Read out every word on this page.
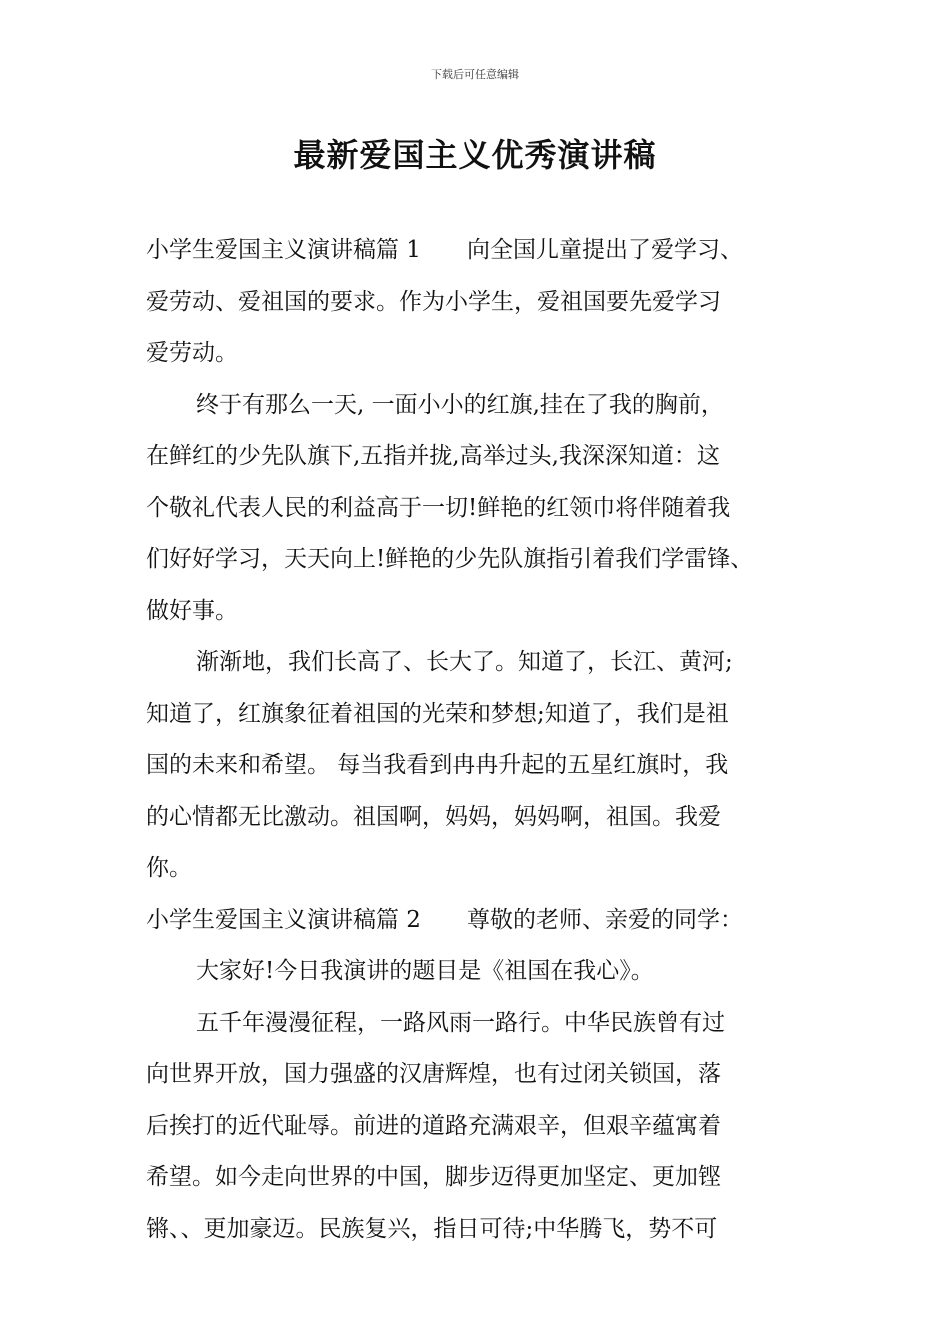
下载后可任意编辑
最新爱国主义优秀演讲稿
小学生爱国主义演讲稿篇 1　　向全国儿童提出了爱学习、
爱劳动、爱祖国的要求。作为小学生，爱祖国要先爱学习
爱劳动。
终于有那么一天, 一面小小的红旗,挂在了我的胸前，
在鲜红的少先队旗下,五指并拢,高举过头,我深深知道：这
个敬礼代表人民的利益高于一切!鲜艳的红领巾将伴随着我
们好好学习，天天向上!鲜艳的少先队旗指引着我们学雷锋、
做好事。
渐渐地，我们长高了、长大了。知道了，长江、黄河;
知道了，红旗象征着祖国的光荣和梦想;知道了，我们是祖
国的未来和希望。 每当我看到冉冉升起的五星红旗时，我
的心情都无比激动。祖国啊，妈妈，妈妈啊，祖国。我爱
你。
小学生爱国主义演讲稿篇 2　　尊敬的老师、亲爱的同学：
大家好!今日我演讲的题目是《祖国在我心》。
五千年漫漫征程，一路风雨一路行。中华民族曾有过
向世界开放，国力强盛的汉唐辉煌，也有过闭关锁国，落
后挨打的近代耻辱。前进的道路充满艰辛，但艰辛蕴寓着
希望。如今走向世界的中国，脚步迈得更加坚定、更加铿
锵、、更加豪迈。民族复兴，指日可待;中华腾飞，势不可
